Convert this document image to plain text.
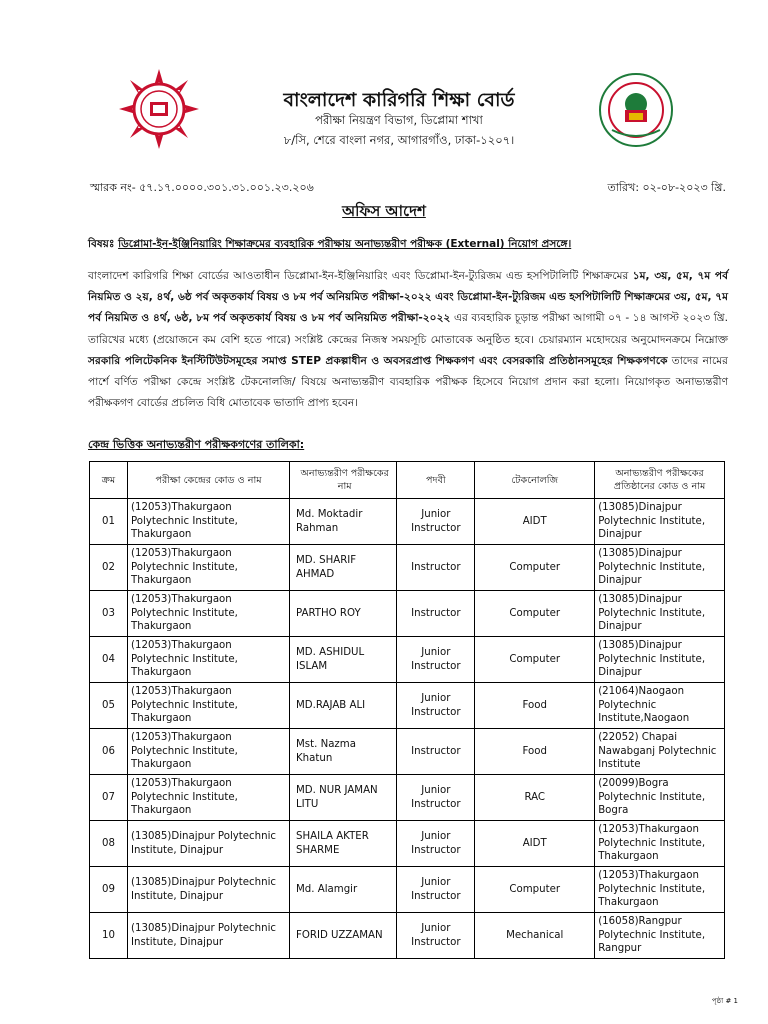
বাংলাদেশ কারিগরি শিক্ষা বোর্ড
পরীক্ষা নিয়ন্ত্রণ বিভাগ, ডিপ্লোমা শাখা
৮/সি, শেরে বাংলা নগর, আগারগাঁও, ঢাকা-১২০৭।
স্মারক নং- ৫৭.১৭.০০০০.৩০১.৩১.০০১.২৩.২০৬	তারিখ: ০২-০৮-২০২৩ খ্রি.
অফিস আদেশ
বিষয়ঃ ডিপ্লোমা-ইন-ইঞ্জিনিয়ারিং শিক্ষাক্রমের ব্যবহারিক পরীক্ষায় অনাভ্যন্তরীণ পরীক্ষক (External) নিয়োগ প্রসঙ্গে।
বাংলাদেশ কারিগরি শিক্ষা বোর্ডের আওতাধীন ডিপ্লোমা-ইন-ইঞ্জিনিয়ারিং এবং ডিপ্লোমা-ইন-ট্যুরিজম এন্ড হসপিটালিটি শিক্ষাক্রমের ১ম, ৩য়, ৫ম, ৭ম পর্ব নিয়মিত ও ২য়, ৪র্থ, ৬ষ্ঠ পর্ব অকৃতকার্য বিষয় ও ৮ম পর্ব অনিয়মিত পরীক্ষা-২০২২ এবং ডিপ্লোমা-ইন-ট্যুরিজম এন্ড হসপিটালিটি শিক্ষাক্রমের ৩য়, ৫ম, ৭ম পর্ব নিয়মিত ও ৪র্থ, ৬ষ্ঠ, ৮ম পর্ব অকৃতকার্য বিষয় ও ৮ম পর্ব অনিয়মিত পরীক্ষা-২০২২ এর ব্যবহারিক চূড়ান্ত পরীক্ষা আগামী ০৭ - ১৪ আগস্ট ২০২৩ খ্রি. তারিখের মধ্যে (প্রয়োজনে কম বেশি হতে পারে) সংশ্লিষ্ট কেন্দ্রের নিজস্ব সময়সূচি মোতাবেক অনুষ্ঠিত হবে। চেয়ারম্যান মহোদয়ের অনুমোদনক্রমে নিম্নোক্ত সরকারি পলিটেকনিক ইনস্টিটিউটসমূহের সমাপ্ত STEP প্রকল্পাধীন ও অবসরপ্রাপ্ত শিক্ষকগণ এবং বেসরকারি প্রতিষ্ঠানসমূহের শিক্ষকগণকে তাদের নামের পার্শে বর্ণিত পরীক্ষা কেন্দ্রে সংশ্লিষ্ট টেকনোলজি/ বিষয়ে অনাভ্যন্তরীণ ব্যবহারিক পরীক্ষক হিসেবে নিয়োগ প্রদান করা হলো। নিয়োগকৃত অনাভ্যন্তরীণ পরীক্ষকগণ বোর্ডের প্রচলিত বিধি মোতাবেক ভাতাদি প্রাপ্য হবেন।
কেন্দ্র ভিত্তিক অনাভ্যন্তরীণ পরীক্ষকগণের তালিকা:
ক্রম	পরীক্ষা কেন্দ্রের কোড ও নাম	অনাভ্যন্তরীণ পরীক্ষকের নাম	পদবী	টেকনোলজি	অনাভ্যন্তরীণ পরীক্ষকের প্রতিষ্ঠানের কোড ও নাম
01	(12053)Thakurgaon Polytechnic Institute, Thakurgaon	Md. Moktadir Rahman	Junior Instructor	AIDT	(13085)Dinajpur Polytechnic Institute, Dinajpur
02	(12053)Thakurgaon Polytechnic Institute, Thakurgaon	MD. SHARIF AHMAD	Instructor	Computer	(13085)Dinajpur Polytechnic Institute, Dinajpur
03	(12053)Thakurgaon Polytechnic Institute, Thakurgaon	PARTHO ROY	Instructor	Computer	(13085)Dinajpur Polytechnic Institute, Dinajpur
04	(12053)Thakurgaon Polytechnic Institute, Thakurgaon	MD. ASHIDUL ISLAM	Junior Instructor	Computer	(13085)Dinajpur Polytechnic Institute, Dinajpur
05	(12053)Thakurgaon Polytechnic Institute, Thakurgaon	MD.RAJAB ALI	Junior Instructor	Food	(21064)Naogaon Polytechnic Institute,Naogaon
06	(12053)Thakurgaon Polytechnic Institute, Thakurgaon	Mst. Nazma Khatun	Instructor	Food	(22052) Chapai Nawabganj Polytechnic Institute
07	(12053)Thakurgaon Polytechnic Institute, Thakurgaon	MD. NUR JAMAN LITU	Junior Instructor	RAC	(20099)Bogra Polytechnic Institute, Bogra
08	(13085)Dinajpur Polytechnic Institute, Dinajpur	SHAILA AKTER SHARME	Junior Instructor	AIDT	(12053)Thakurgaon Polytechnic Institute, Thakurgaon
09	(13085)Dinajpur Polytechnic Institute, Dinajpur	Md. Alamgir	Junior Instructor	Computer	(12053)Thakurgaon Polytechnic Institute, Thakurgaon
10	(13085)Dinajpur Polytechnic Institute, Dinajpur	FORID UZZAMAN	Junior Instructor	Mechanical	(16058)Rangpur Polytechnic Institute, Rangpur
পৃষ্ঠা # 1
